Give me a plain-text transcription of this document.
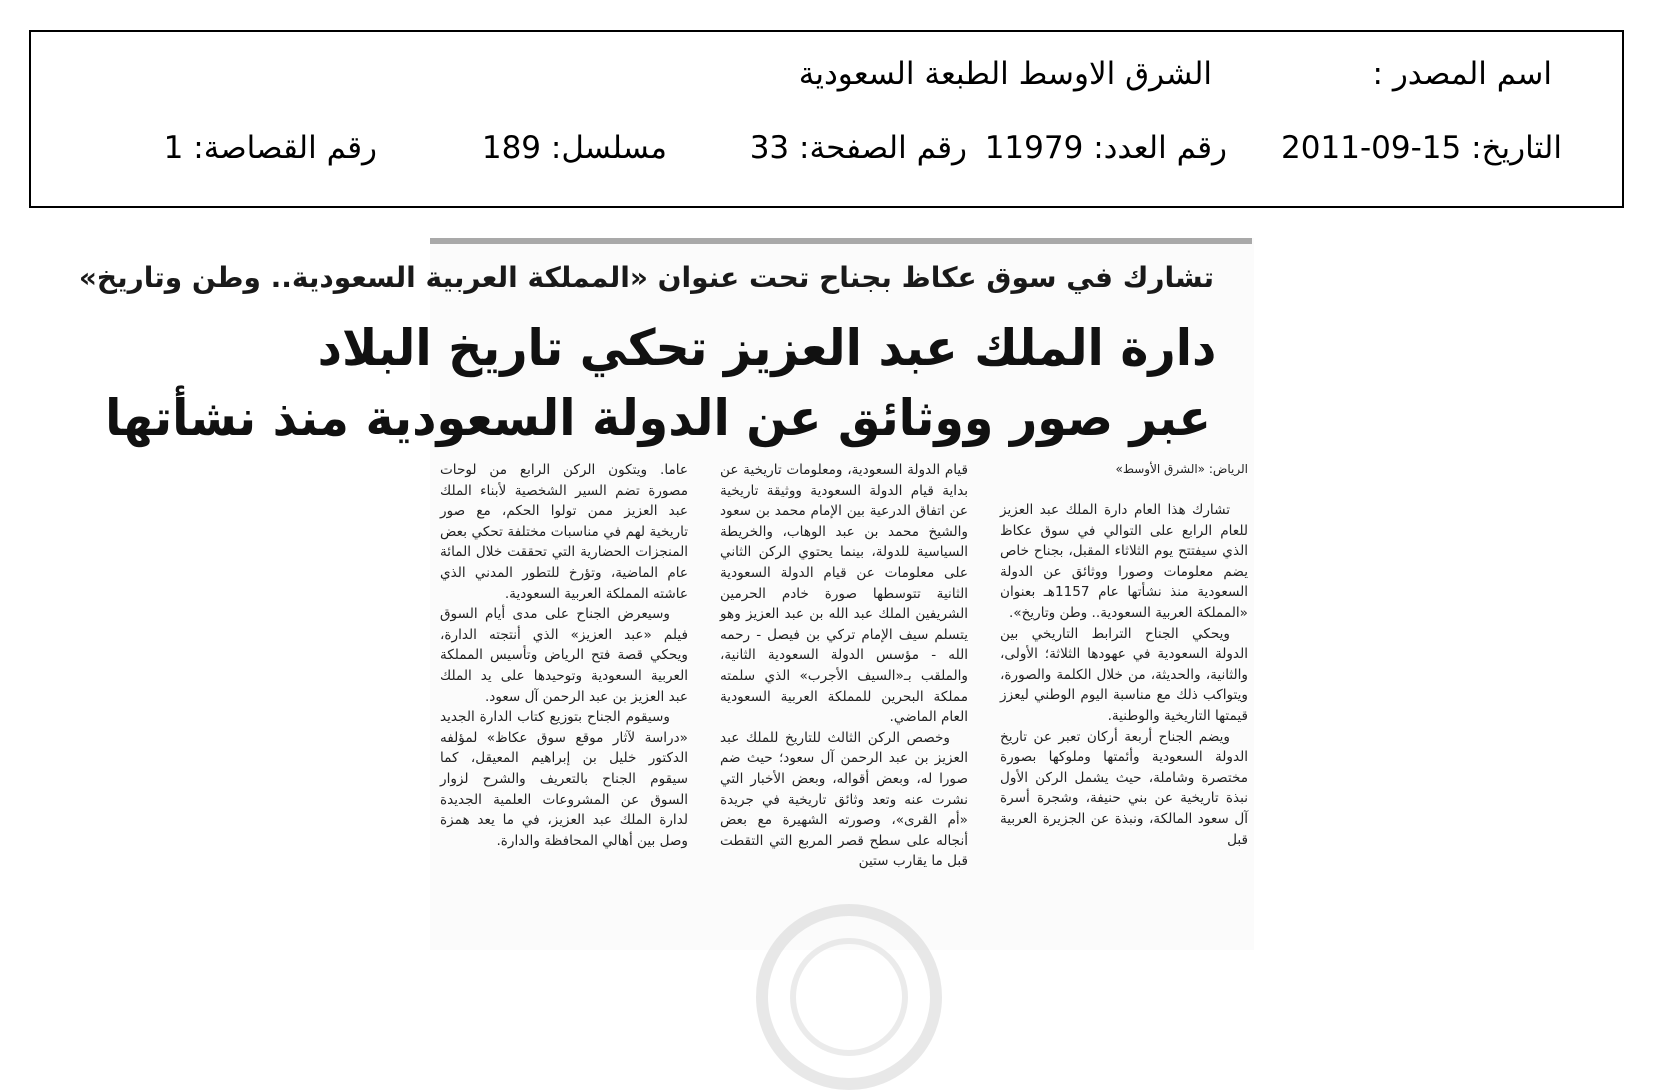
اسم المصدر :
الشرق الاوسط الطبعة السعودية
التاريخ: 2011-09-15
رقم العدد: 11979
رقم الصفحة: 33
مسلسل: 189
رقم القصاصة: 1
تشارك في سوق عكاظ بجناح تحت عنوان «المملكة العربية السعودية.. وطن وتاريخ»
دارة الملك عبد العزيز تحكي تاريخ البلاد
عبر صور ووثائق عن الدولة السعودية منذ نشأتها
الرياض: «الشرق الأوسط»

تشارك هذا العام دارة الملك عبد العزيز للعام الرابع على التوالي في سوق عكاظ الذي سيفتتح يوم الثلاثاء المقبل، بجناح خاص يضم معلومات وصورا ووثائق عن الدولة السعودية منذ نشأتها عام 1157هـ بعنوان «المملكة العربية السعودية.. وطن وتاريخ».

ويحكي الجناح الترابط التاريخي بين الدولة السعودية في عهودها الثلاثة؛ الأولى، والثانية، والحديثة، من خلال الكلمة والصورة، ويتواكب ذلك مع مناسبة اليوم الوطني ليعزز قيمتها التاريخية والوطنية.

ويضم الجناح أربعة أركان تعبر عن تاريخ الدولة السعودية وأئمتها وملوكها بصورة مختصرة وشاملة، حيث يشمل الركن الأول نبذة تاريخية عن بني حنيفة، وشجرة أسرة آل سعود المالكة، ونبذة عن الجزيرة العربية قبل

قيام الدولة السعودية، ومعلومات تاريخية عن بداية قيام الدولة السعودية ووثيقة تاريخية عن اتفاق الدرعية بين الإمام محمد بن سعود والشيخ محمد بن عبد الوهاب، والخريطة السياسية للدولة، بينما يحتوي الركن الثاني على معلومات عن قيام الدولة السعودية الثانية تتوسطها صورة خادم الحرمين الشريفين الملك عبد الله بن عبد العزيز وهو يتسلم سيف الإمام تركي بن فيصل - رحمه الله - مؤسس الدولة السعودية الثانية، والملقب بـ«السيف الأجرب» الذي سلمته مملكة البحرين للمملكة العربية السعودية العام الماضي.

وخصص الركن الثالث للتاريخ للملك عبد العزيز بن عبد الرحمن آل سعود؛ حيث ضم صورا له، وبعض أقواله، وبعض الأخبار التي نشرت عنه وتعد وثائق تاريخية في جريدة «أم القرى»، وصورته الشهيرة مع بعض أنجاله على سطح قصر المربع التي التقطت قبل ما يقارب ستين

عاما. ويتكون الركن الرابع من لوحات مصورة تضم السير الشخصية لأبناء الملك عبد العزيز ممن تولوا الحكم، مع صور تاريخية لهم في مناسبات مختلفة تحكي بعض المنجزات الحضارية التي تحققت خلال المائة عام الماضية، وتؤرخ للتطور المدني الذي عاشته المملكة العربية السعودية.

وسيعرض الجناح على مدى أيام السوق فيلم «عبد العزيز» الذي أنتجته الدارة، ويحكي قصة فتح الرياض وتأسيس المملكة العربية السعودية وتوحيدها على يد الملك عبد العزيز بن عبد الرحمن آل سعود.

وسيقوم الجناح بتوزيع كتاب الدارة الجديد «دراسة لآثار موقع سوق عكاظ» لمؤلفه الدكتور خليل بن إبراهيم المعيقل، كما سيقوم الجناح بالتعريف والشرح لزوار السوق عن المشروعات العلمية الجديدة لدارة الملك عبد العزيز، في ما يعد همزة وصل بين أهالي المحافظة والدارة.
